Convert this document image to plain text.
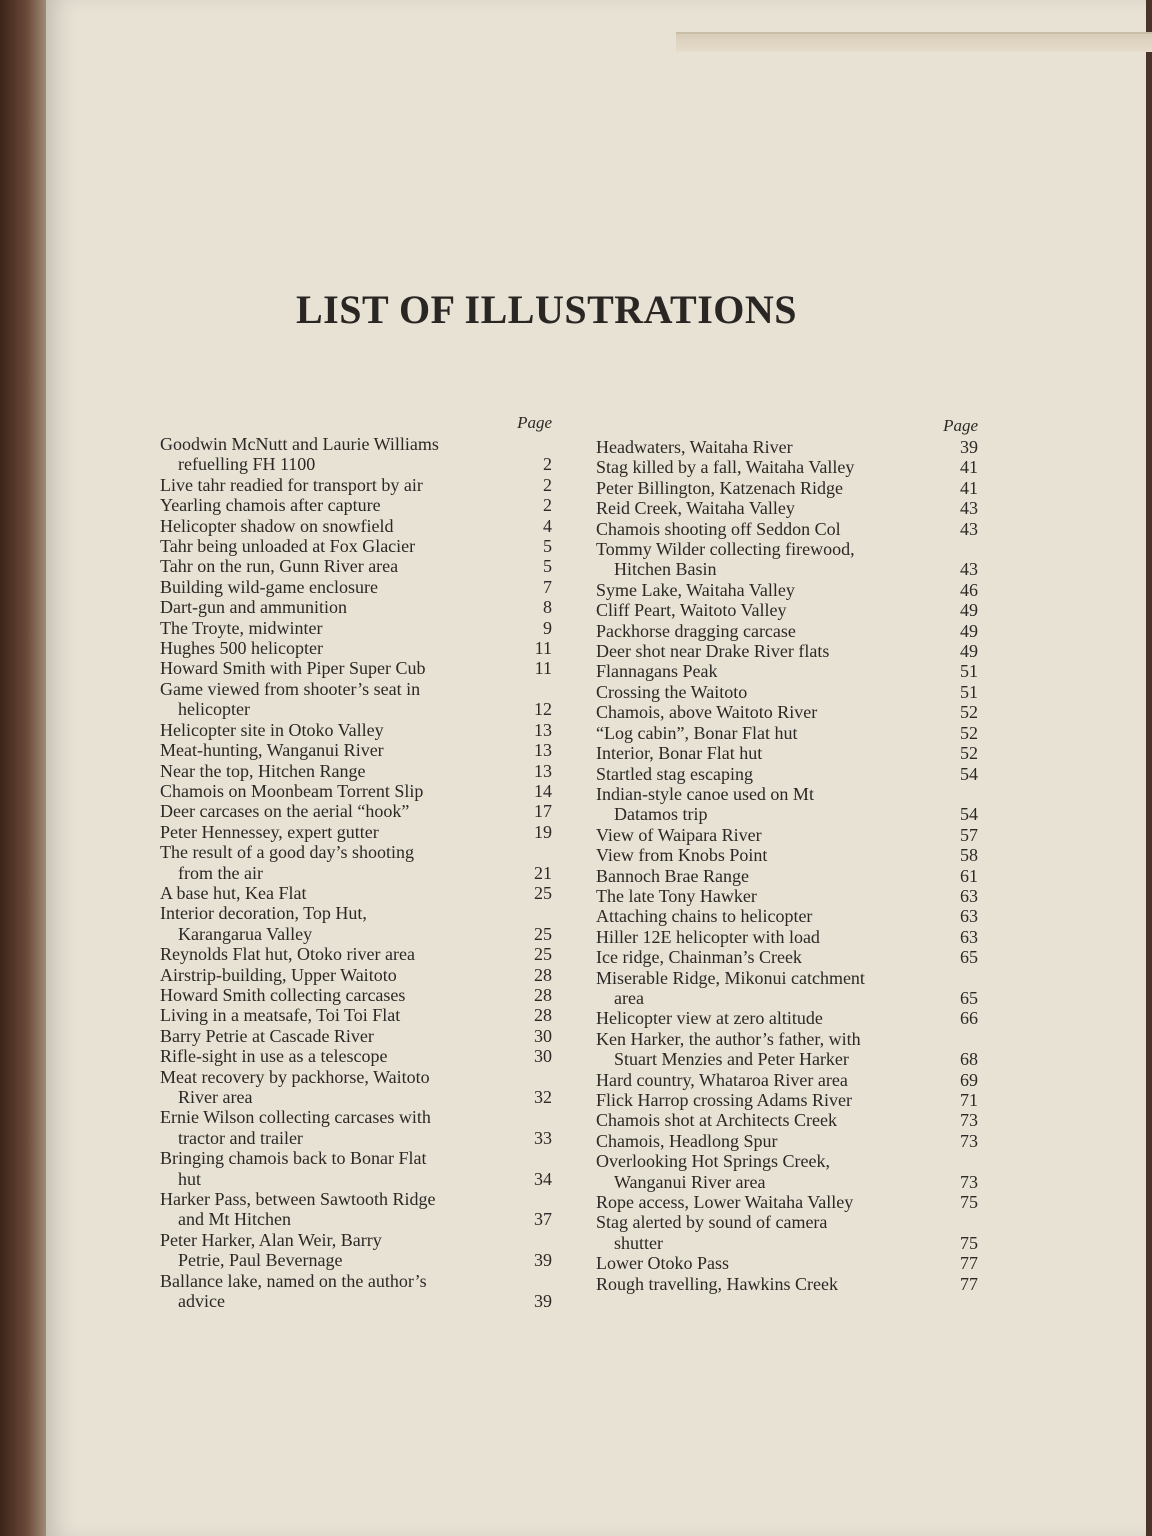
LIST OF ILLUSTRATIONS
Page
Goodwin McNutt and Laurie Williams
refuelling FH 1100	2
Live tahr readied for transport by air	2
Yearling chamois after capture	2
Helicopter shadow on snowfield	4
Tahr being unloaded at Fox Glacier	5
Tahr on the run, Gunn River area	5
Building wild-game enclosure	7
Dart-gun and ammunition	8
The Troyte, midwinter	9
Hughes 500 helicopter	11
Howard Smith with Piper Super Cub	11
Game viewed from shooter’s seat in
helicopter	12
Helicopter site in Otoko Valley	13
Meat-hunting, Wanganui River	13
Near the top, Hitchen Range	13
Chamois on Moonbeam Torrent Slip	14
Deer carcases on the aerial “hook”	17
Peter Hennessey, expert gutter	19
The result of a good day’s shooting
from the air	21
A base hut, Kea Flat	25
Interior decoration, Top Hut,
Karangarua Valley	25
Reynolds Flat hut, Otoko river area	25
Airstrip-building, Upper Waitoto	28
Howard Smith collecting carcases	28
Living in a meatsafe, Toi Toi Flat	28
Barry Petrie at Cascade River	30
Rifle-sight in use as a telescope	30
Meat recovery by packhorse, Waitoto
River area	32
Ernie Wilson collecting carcases with
tractor and trailer	33
Bringing chamois back to Bonar Flat
hut	34
Harker Pass, between Sawtooth Ridge
and Mt Hitchen	37
Peter Harker, Alan Weir, Barry
Petrie, Paul Bevernage	39
Ballance lake, named on the author’s
advice	39
Page
Headwaters, Waitaha River	39
Stag killed by a fall, Waitaha Valley	41
Peter Billington, Katzenach Ridge	41
Reid Creek, Waitaha Valley	43
Chamois shooting off Seddon Col	43
Tommy Wilder collecting firewood,
Hitchen Basin	43
Syme Lake, Waitaha Valley	46
Cliff Peart, Waitoto Valley	49
Packhorse dragging carcase	49
Deer shot near Drake River flats	49
Flannagans Peak	51
Crossing the Waitoto	51
Chamois, above Waitoto River	52
“Log cabin”, Bonar Flat hut	52
Interior, Bonar Flat hut	52
Startled stag escaping	54
Indian-style canoe used on Mt
Datamos trip	54
View of Waipara River	57
View from Knobs Point	58
Bannoch Brae Range	61
The late Tony Hawker	63
Attaching chains to helicopter	63
Hiller 12E helicopter with load	63
Ice ridge, Chainman’s Creek	65
Miserable Ridge, Mikonui catchment
area	65
Helicopter view at zero altitude	66
Ken Harker, the author’s father, with
Stuart Menzies and Peter Harker	68
Hard country, Whataroa River area	69
Flick Harrop crossing Adams River	71
Chamois shot at Architects Creek	73
Chamois, Headlong Spur	73
Overlooking Hot Springs Creek,
Wanganui River area	73
Rope access, Lower Waitaha Valley	75
Stag alerted by sound of camera
shutter	75
Lower Otoko Pass	77
Rough travelling, Hawkins Creek	77
